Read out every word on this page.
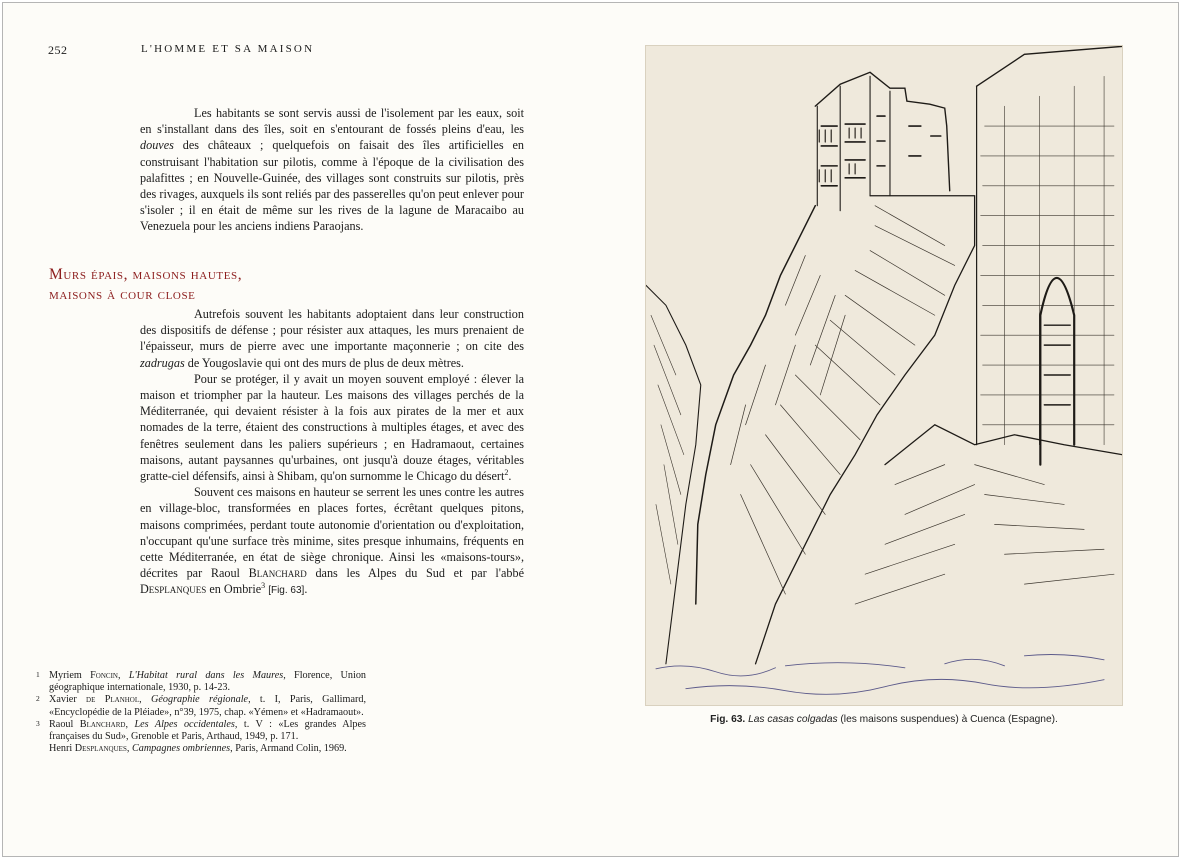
252	L'HOMME ET SA MAISON

Les habitants se sont servis aussi de l'isolement par les eaux, soit en s'installant dans des îles, soit en s'entourant de fossés pleins d'eau, les douves des châteaux ; quelquefois on faisait des îles artificielles en construisant l'habitation sur pilotis, comme à l'époque de la civilisation des palafittes ; en Nouvelle-Guinée, des villages sont construits sur pilotis, près des rivages, auxquels ils sont reliés par des passerelles qu'on peut enlever pour s'isoler ; il en était de même sur les rives de la lagune de Maracaibo au Venezuela pour les anciens indiens Paraojans.

Murs épais, maisons hautes,
maisons à cour close

Autrefois souvent les habitants adoptaient dans leur construction des dispositifs de défense ; pour résister aux attaques, les murs prenaient de l'épaisseur, murs de pierre avec une importante maçonnerie ; on cite des zadrugas de Yougoslavie qui ont des murs de plus de deux mètres.

Pour se protéger, il y avait un moyen souvent employé : élever la maison et triompher par la hauteur. Les maisons des villages perchés de la Méditerranée, qui devaient résister à la fois aux pirates de la mer et aux nomades de la terre, étaient des constructions à multiples étages, et avec des fenêtres seulement dans les paliers supérieurs ; en Hadramaout, certaines maisons, autant paysannes qu'urbaines, ont jusqu'à douze étages, véritables gratte-ciel défensifs, ainsi à Shibam, qu'on surnomme le Chicago du désert$^2$.

Souvent ces maisons en hauteur se serrent les unes contre les autres en village-bloc, transformées en places fortes, écrêtant quelques pitons, maisons comprimées, perdant toute autonomie d'orientation ou d'exploitation, n'occupant qu'une surface très minime, sites presque inhumains, fréquents en cette Méditerranée, en état de siège chronique. Ainsi les «maisons-tours», décrites par Raoul Blanchard dans les Alpes du Sud et par l'abbé Desplanques en Ombrie$^3$ [Fig. 63].

1 Myriem Foncin, L'Habitat rural dans les Maures, Florence, Union géographique internationale, 1930, p. 14-23.

2 Xavier de Planhol, Géographie régionale, t. I, Paris, Gallimard, «Encyclopédie de la Pléiade», n°39, 1975, chap. «Yémen» et «Hadramaout».

3 Raoul Blanchard, Les Alpes occidentales, t. V : «Les grandes Alpes françaises du Sud», Grenoble et Paris, Arthaud, 1949, p. 171.
Henri Desplanques, Campagnes ombriennes, Paris, Armand Colin, 1969.

Fig. 63. Las casas colgadas (les maisons suspendues) à Cuenca (Espagne).
